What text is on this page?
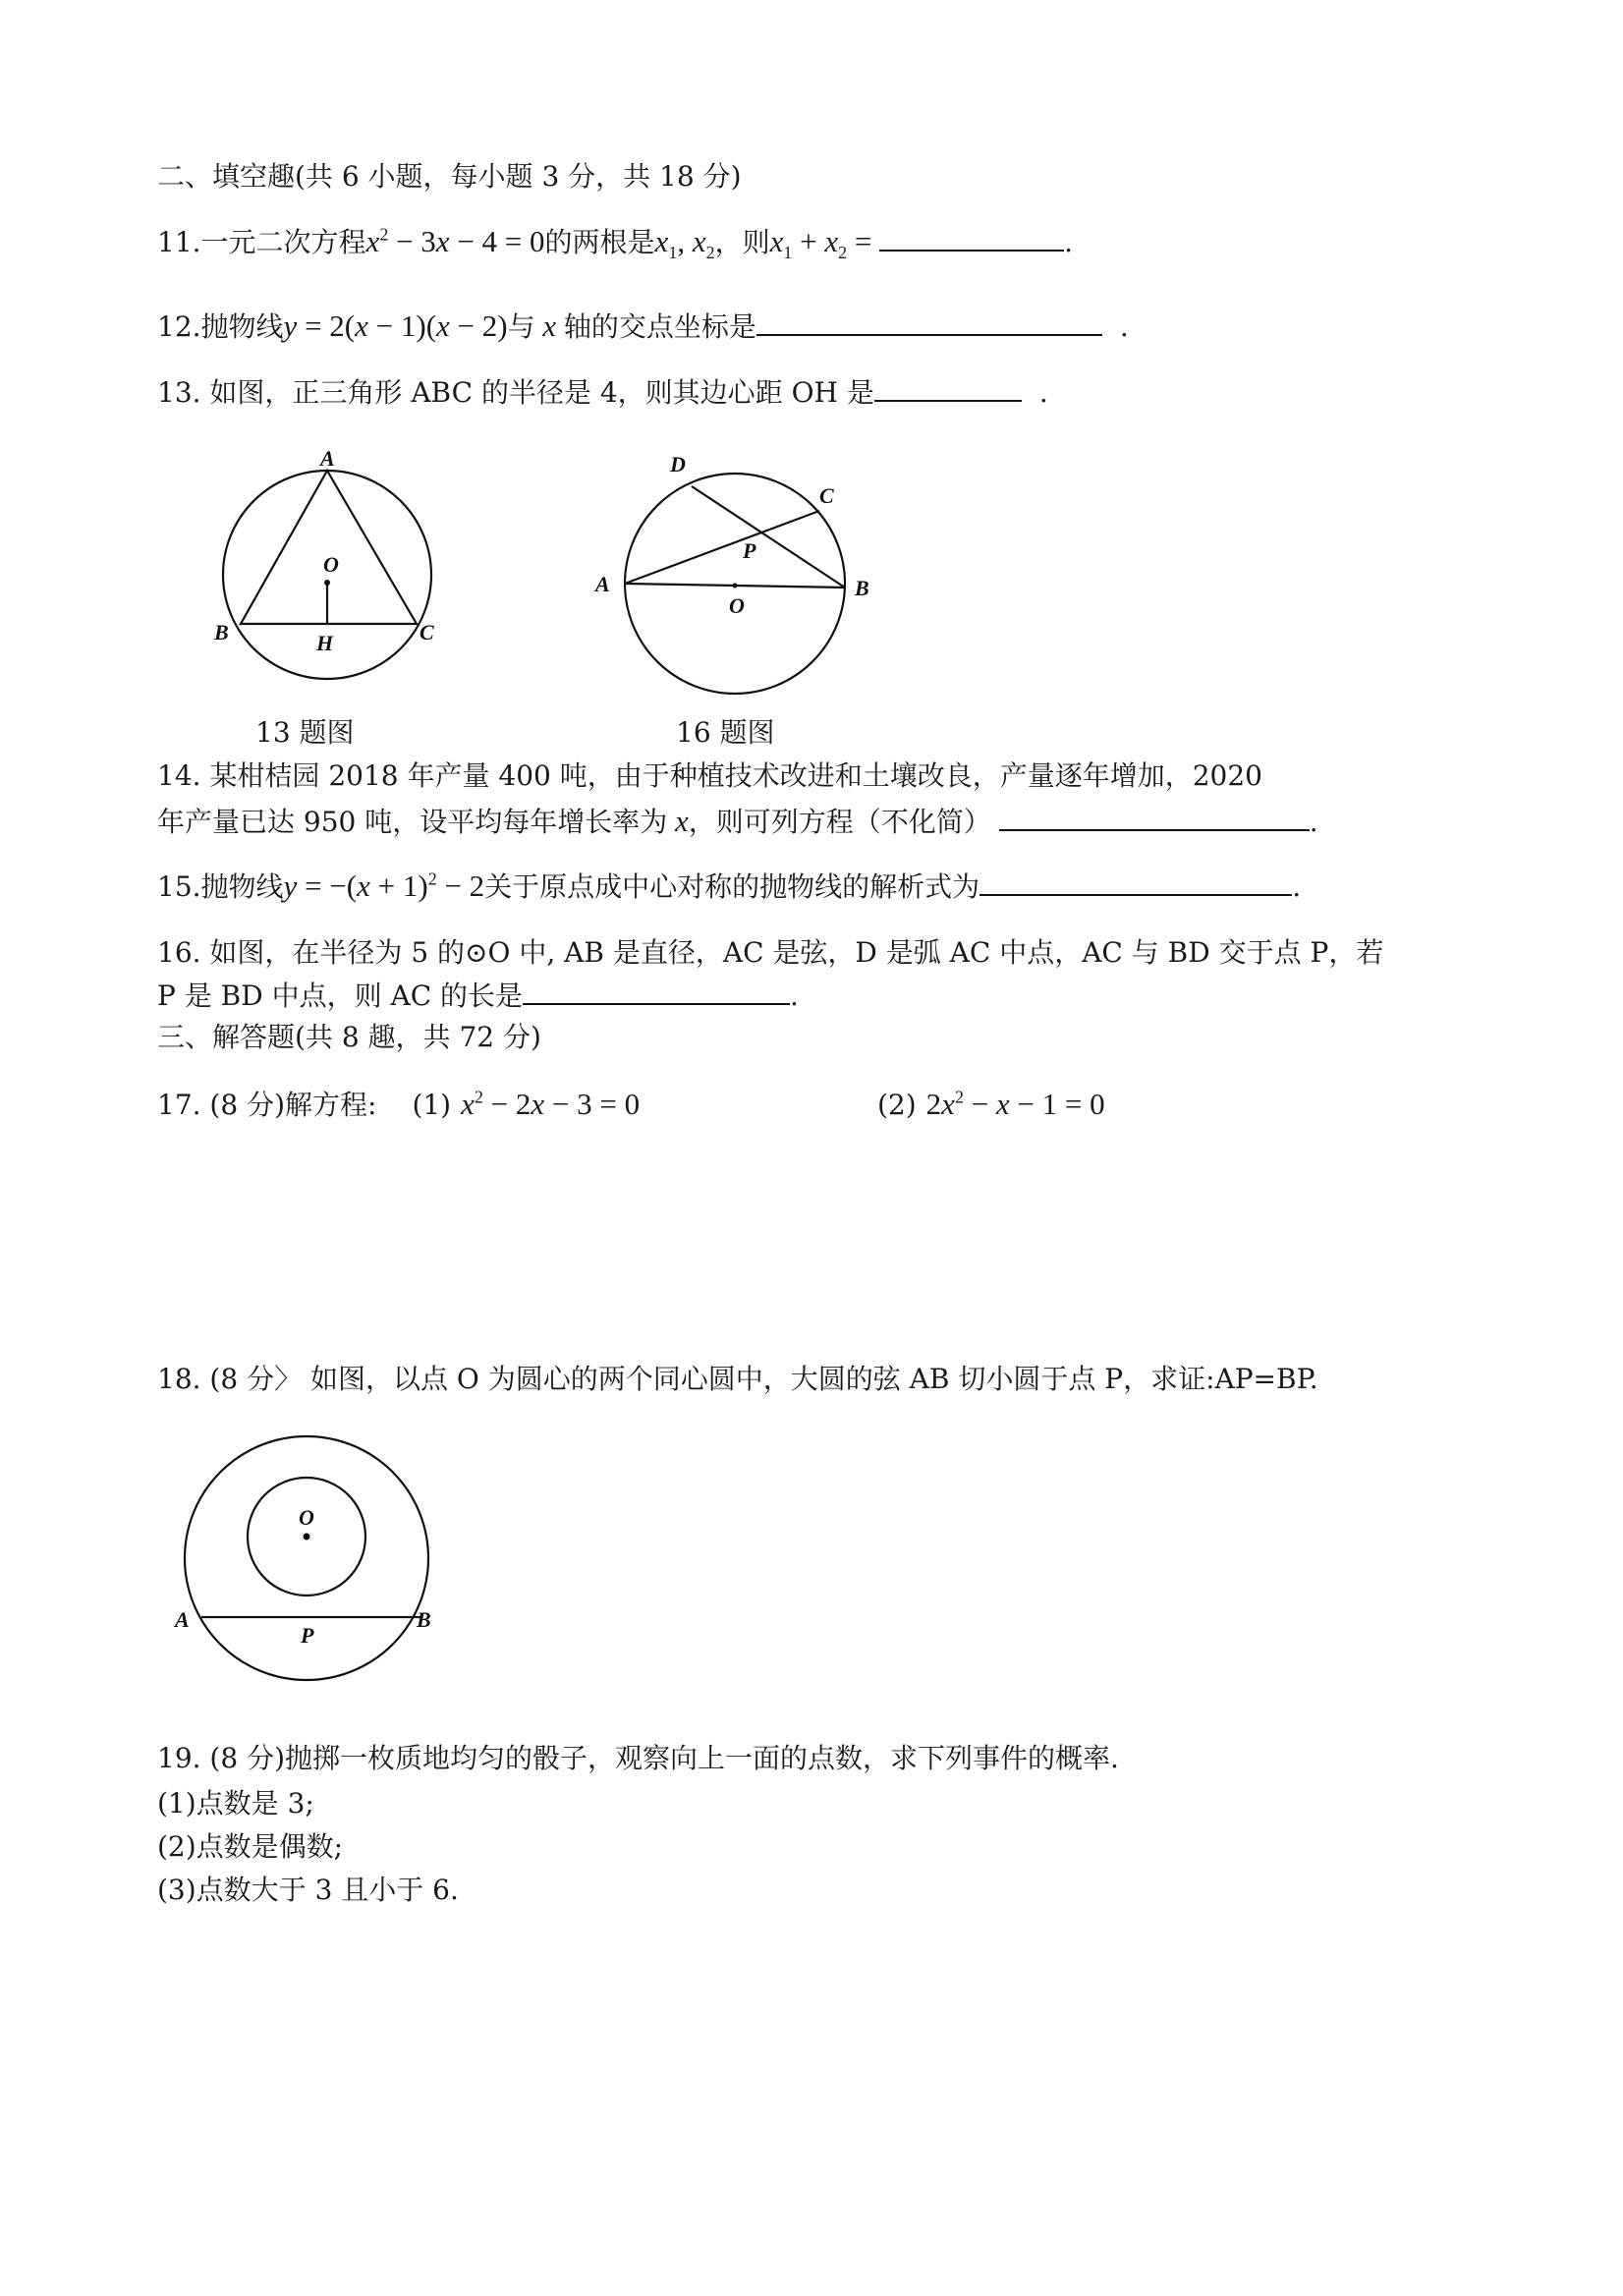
二、填空趣(共 6 小题，每小题 3 分，共 18 分)
11.一元二次方程$x^2 - 3x - 4 = 0$的两根是$x_1$, $x_2$，则$x_1 + x_2$ =	.
12.抛物线y = 2(x − 1)(x − 2)与 x 轴的交点坐标是	.
13. 如图，正三角形 ABC 的半径是 4，则其边心距 OH 是	.
A
B	C
O
H
13 题图
D
C
P
A	B
O
16 题图
14. 某柑桔园 2018 年产量 400 吨，由于种植技术改进和土壤改良，产量逐年增加，2020
年产量已达 950 吨，设平均每年增长率为 x，则可列方程（不化简）	.
15.抛物线$y = -(x + 1)^2 - 2$关于原点成中心对称的抛物线的解析式为	.
16. 如图，在半径为 5 的⊙O 中, AB 是直径，AC 是弦，D 是弧 AC 中点，AC 与 BD 交于点 P，若
P 是 BD 中点，则 AC 的长是	.
三、解答题(共 8 趣，共 72 分)
17. (8 分)解方程: (1) $x^2 - 2x - 3 = 0$	(2) $2x^2 - x - 1 = 0$
18. (8 分〉 如图，以点 O 为圆心的两个同心圆中，大圆的弦 AB 切小圆于点 P，求证:AP=BP.
O
A	B
P
19. (8 分)抛掷一枚质地均匀的骰子，观察向上一面的点数，求下列事件的概率.
(1)点数是 3;
(2)点数是偶数;
(3)点数大于 3 且小于 6.
